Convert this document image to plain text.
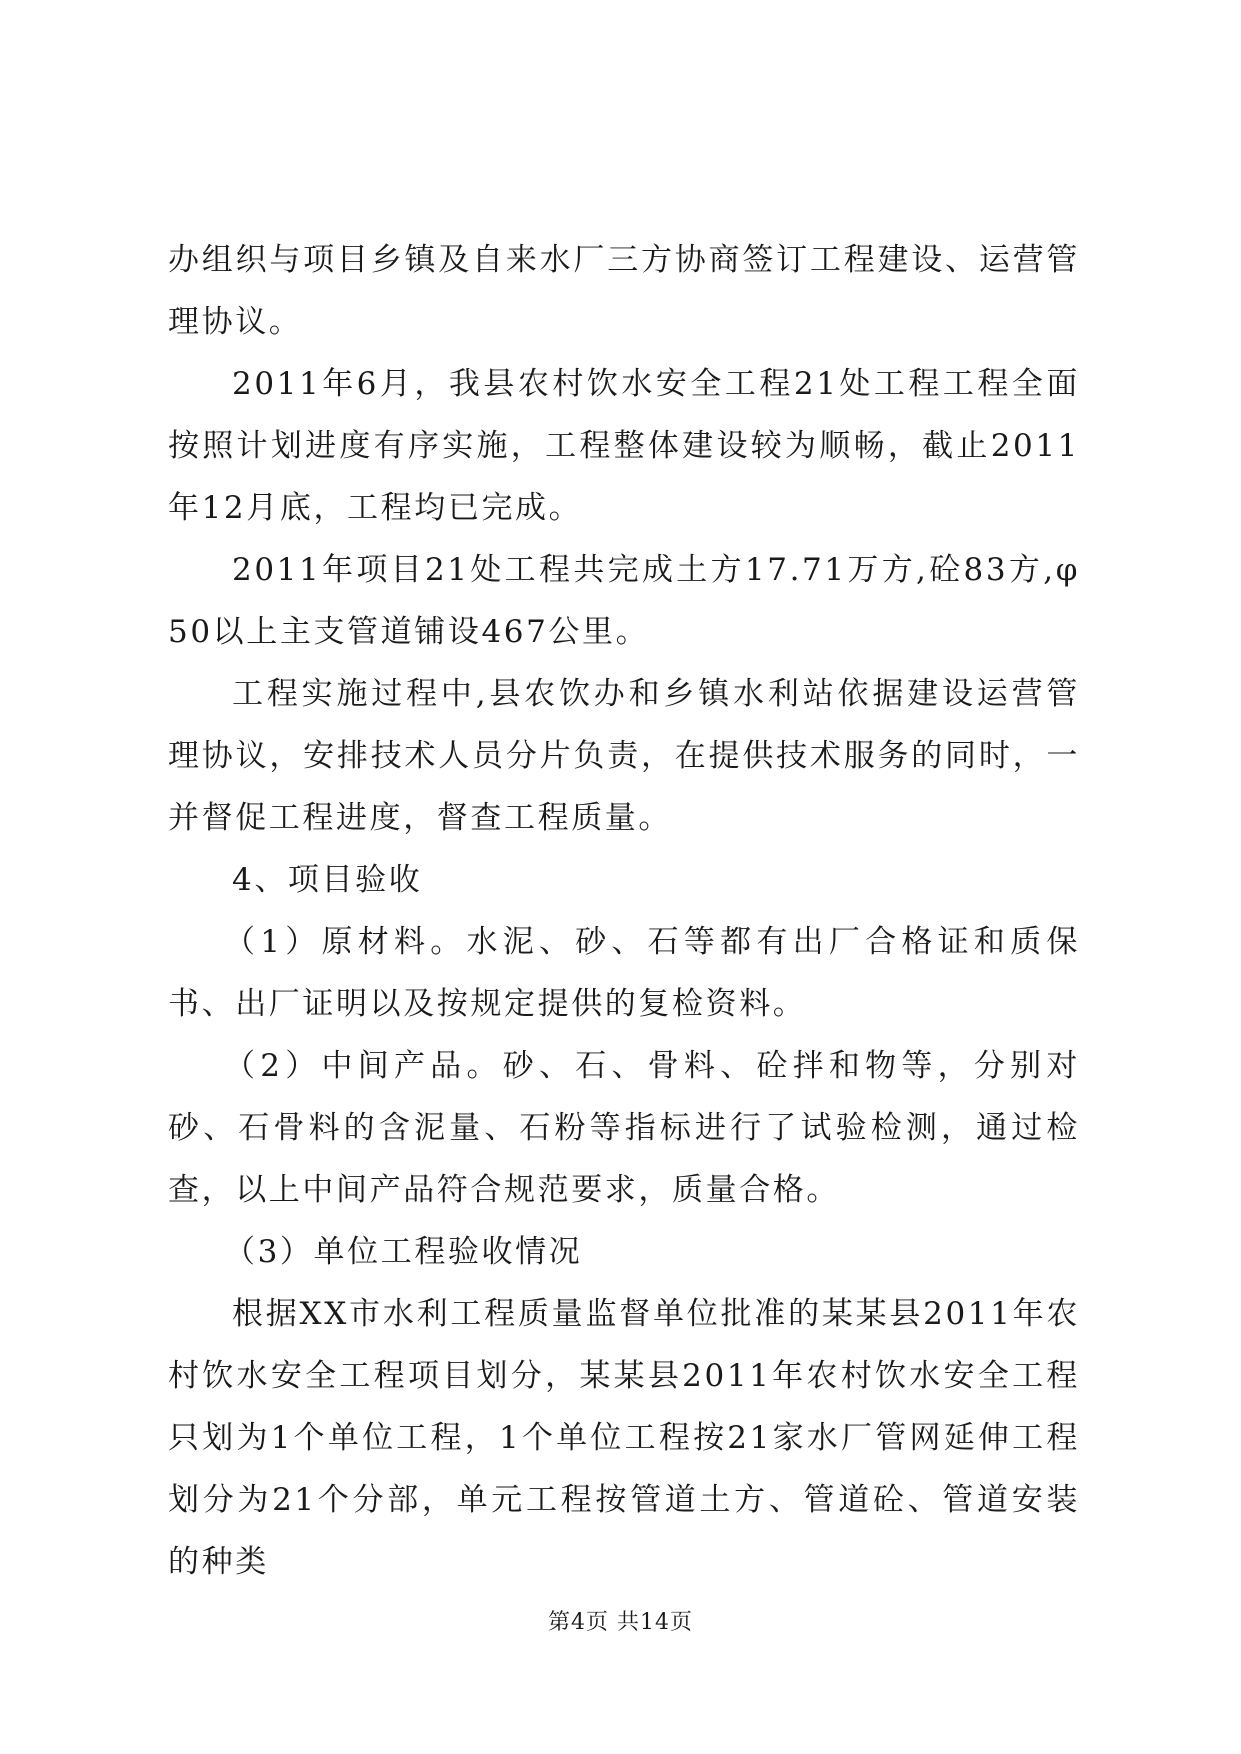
办组织与项目乡镇及自来水厂三方协商签订工程建设、运营管理协议。

2011年6月，我县农村饮水安全工程21处工程工程全面按照计划进度有序实施，工程整体建设较为顺畅，截止2011年12月底，工程均已完成。

2011年项目21处工程共完成土方17.71万方,砼83方,φ50以上主支管道铺设467公里。

工程实施过程中,县农饮办和乡镇水利站依据建设运营管理协议，安排技术人员分片负责，在提供技术服务的同时，一并督促工程进度，督查工程质量。

4、项目验收

（1）原材料。水泥、砂、石等都有出厂合格证和质保书、出厂证明以及按规定提供的复检资料。

（2）中间产品。砂、石、骨料、砼拌和物等，分别对砂、石骨料的含泥量、石粉等指标进行了试验检测，通过检查，以上中间产品符合规范要求，质量合格。

（3）单位工程验收情况

根据XX市水利工程质量监督单位批准的某某县2011年农村饮水安全工程项目划分，某某县2011年农村饮水安全工程只划为1个单位工程，1个单位工程按21家水厂管网延伸工程划分为21个分部，单元工程按管道土方、管道砼、管道安装的种类

第4页 共14页
